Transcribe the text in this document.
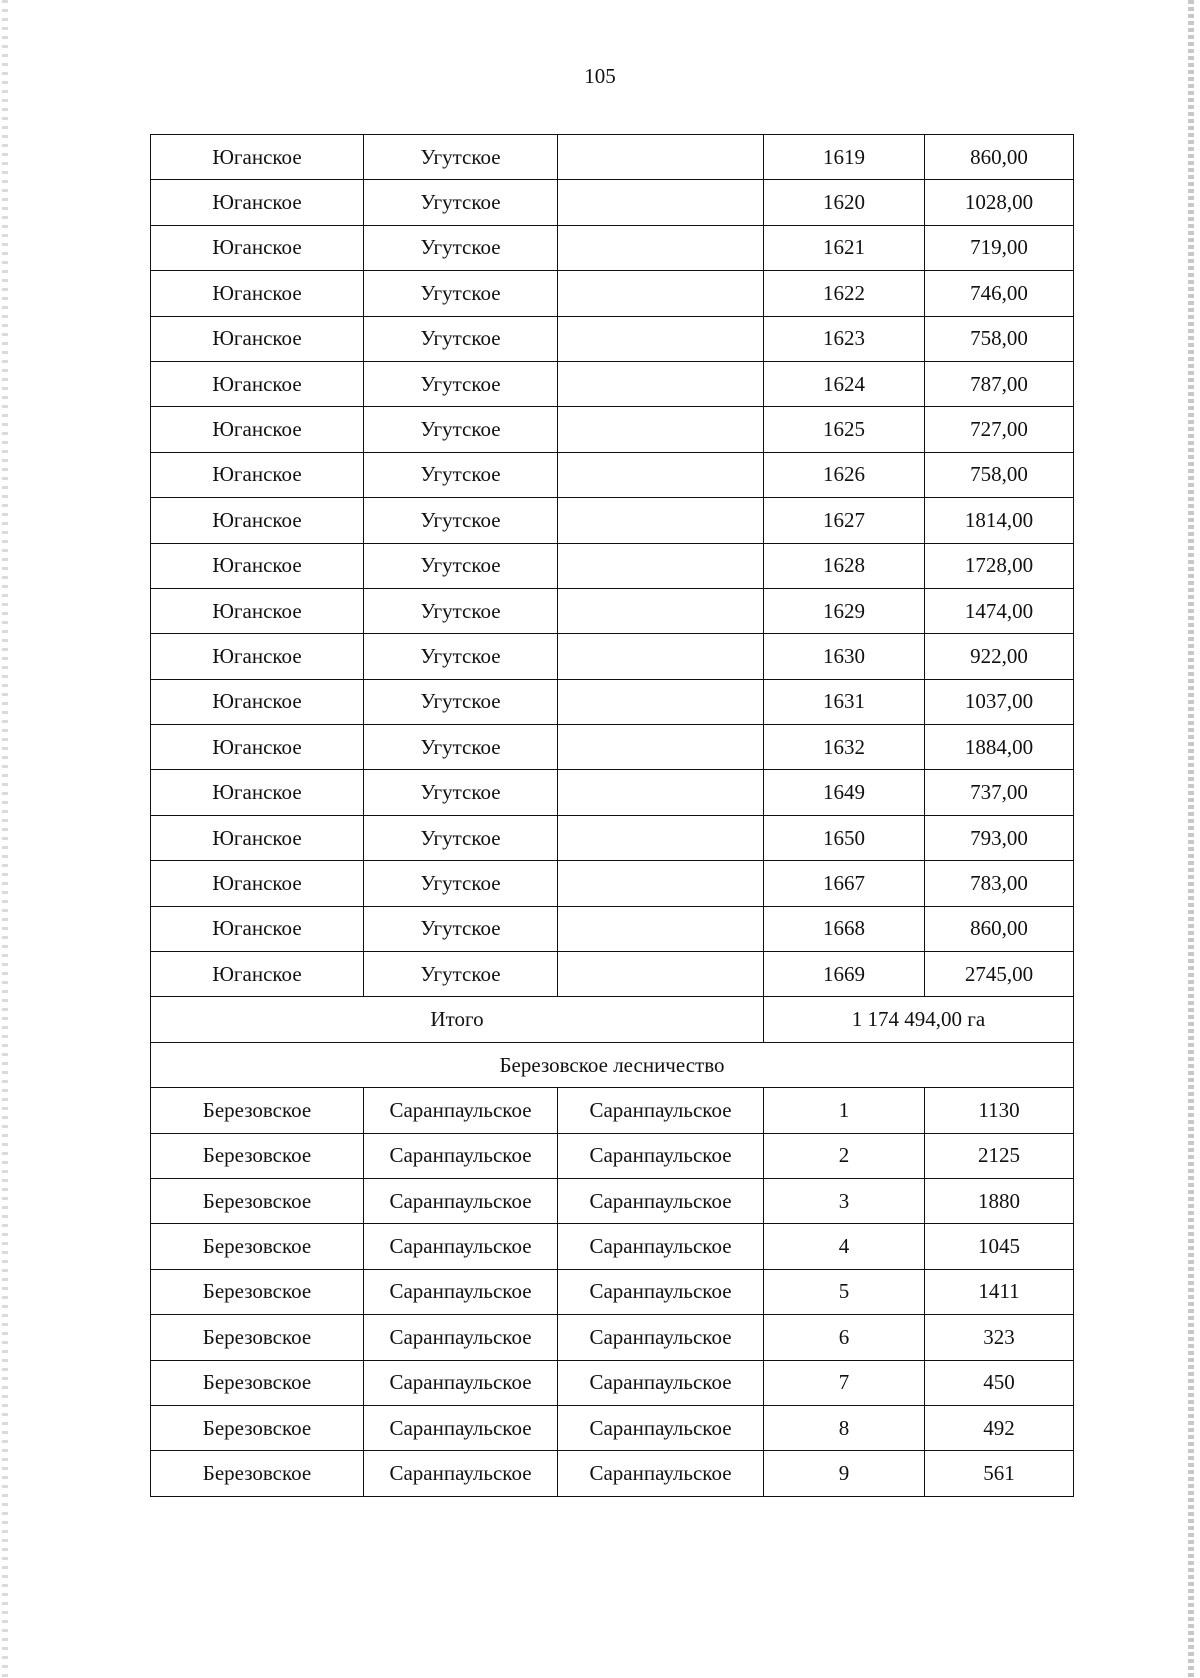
105
Юганское	Угутское		1619	860,00
Юганское	Угутское		1620	1028,00
Юганское	Угутское		1621	719,00
Юганское	Угутское		1622	746,00
Юганское	Угутское		1623	758,00
Юганское	Угутское		1624	787,00
Юганское	Угутское		1625	727,00
Юганское	Угутское		1626	758,00
Юганское	Угутское		1627	1814,00
Юганское	Угутское		1628	1728,00
Юганское	Угутское		1629	1474,00
Юганское	Угутское		1630	922,00
Юганское	Угутское		1631	1037,00
Юганское	Угутское		1632	1884,00
Юганское	Угутское		1649	737,00
Юганское	Угутское		1650	793,00
Юганское	Угутское		1667	783,00
Юганское	Угутское		1668	860,00
Юганское	Угутское		1669	2745,00
Итого			1 174 494,00 га	
Березовское лесничество				
Березовское	Саранпаульское	Саранпаульское	1	1130
Березовское	Саранпаульское	Саранпаульское	2	2125
Березовское	Саранпаульское	Саранпаульское	3	1880
Березовское	Саранпаульское	Саранпаульское	4	1045
Березовское	Саранпаульское	Саранпаульское	5	1411
Березовское	Саранпаульское	Саранпаульское	6	323
Березовское	Саранпаульское	Саранпаульское	7	450
Березовское	Саранпаульское	Саранпаульское	8	492
Березовское	Саранпаульское	Саранпаульское	9	561
